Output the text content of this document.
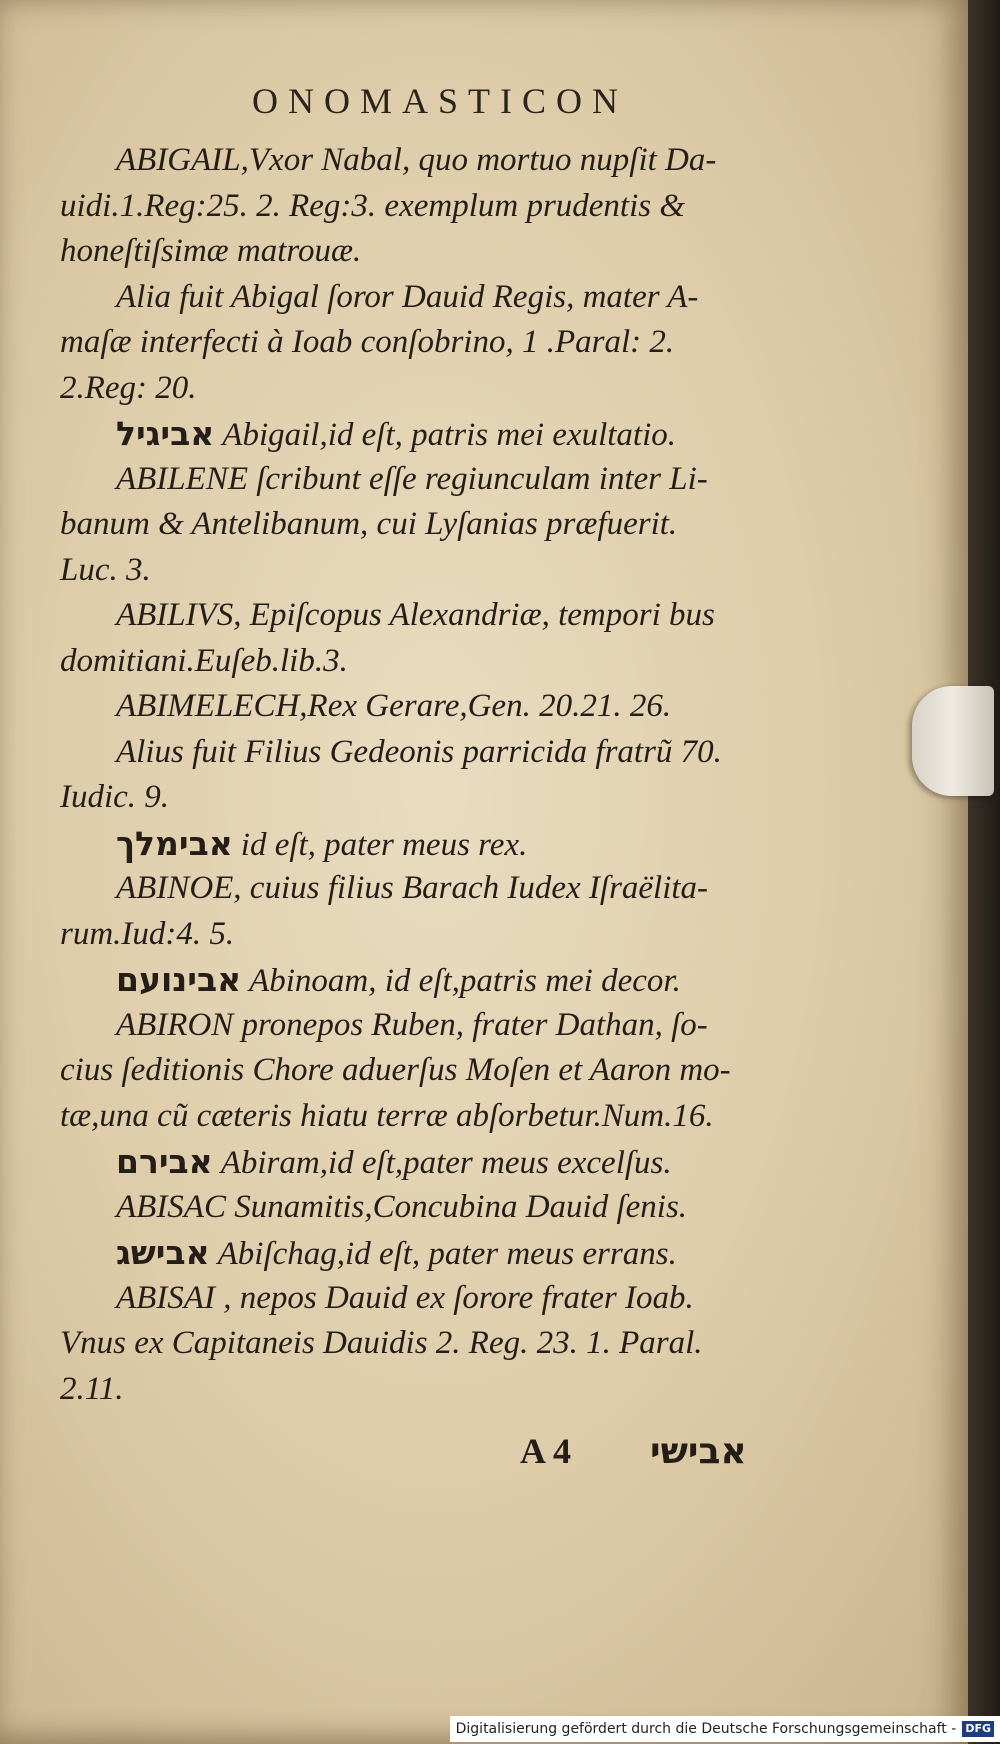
ONOMASTICON
ABIGAIL,Vxor Nabal, quo mortuo nupſit Da-
uidi.1.Reg:25. 2. Reg:3. exemplum prudentis &
honeſtiſsimæ matrouæ.
Alia fuit Abigal ſoror Dauid Regis, mater A-
maſæ interfecti à Ioab conſobrino, 1 .Paral: 2.
2.Reg: 20.
אביגיל Abigail,id eſt, patris mei exultatio.
ABILENE ſcribunt eſſe regiunculam inter Li-
banum & Antelibanum, cui Lyſanias præfuerit.
Luc. 3.
ABILIVS, Epiſcopus Alexandriæ, tempori bus
domitiani.Euſeb.lib.3.
ABIMELECH,Rex Gerare,Gen. 20.21. 26.
Alius fuit Filius Gedeonis parricida fratrũ 70.
Iudic. 9.
אבימלך id eſt, pater meus rex.
ABINOE, cuius filius Barach Iudex Iſraëlita-
rum.Iud:4. 5.
אבינועם Abinoam, id eſt,patris mei decor.
ABIRON pronepos Ruben, frater Dathan, ſo-
cius ſeditionis Chore aduerſus Moſen et Aaron mo-
tæ,una cũ cæteris hiatu terræ abſorbetur.Num.16.
אבירם Abiram,id eſt,pater meus excelſus.
ABISAC Sunamitis,Concubina Dauid ſenis.
אבישג Abiſchag,id eſt, pater meus errans.
ABISAI , nepos Dauid ex ſorore frater Ioab.
Vnus ex Capitaneis Dauidis 2. Reg. 23. 1. Paral.
2.11.
A 4 אבישי
Digitalisierung gefördert durch die Deutsche Forschungsgemeinschaft - DFG
